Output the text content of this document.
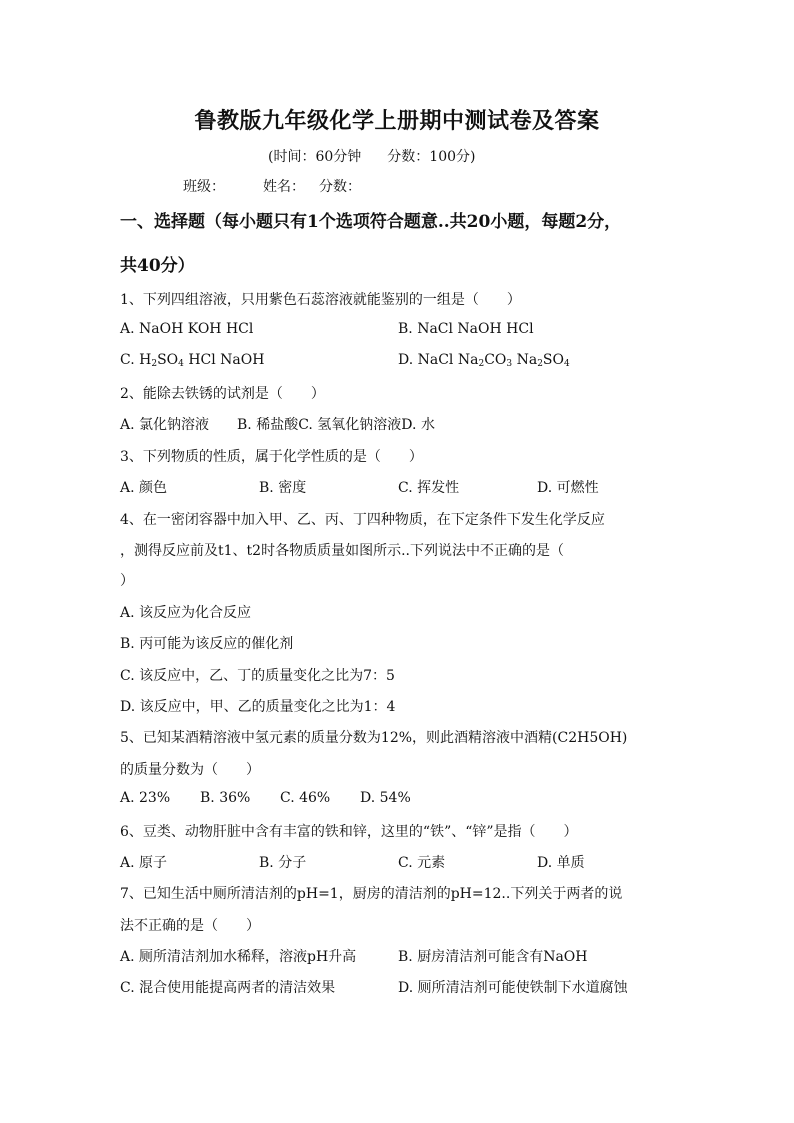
鲁教版九年级化学上册期中测试卷及答案
(时间：60分钟 分数：100分)
班级：	姓名： 分数：
一、选择题（每小题只有1个选项符合题意..共20小题，每题2分，
共40分）
1、下列四组溶液，只用紫色石蕊溶液就能鉴别的一组是（　　）
A. NaOH KOH HCl	B. NaCl NaOH HCl
C. $H_2SO_4$ HCl NaOH	D. NaCl $Na_2CO_3$ $Na_2SO_4$
2、能除去铁锈的试剂是（　　）
A. 氯化钠溶液　　B. 稀盐酸C. 氢氧化钠溶液D. 水
3、下列物质的性质，属于化学性质的是（　　）
A. 颜色	B. 密度	C. 挥发性	D. 可燃性
4、在一密闭容器中加入甲、乙、丙、丁四种物质，在下定条件下发生化学反应
，测得反应前及t1、t2时各物质质量如图所示..下列说法中不正确的是（
）
A. 该反应为化合反应
B. 丙可能为该反应的催化剂
C. 该反应中，乙、丁的质量变化之比为7：5
D. 该反应中，甲、乙的质量变化之比为1：4
5、已知某酒精溶液中氢元素的质量分数为12%，则此酒精溶液中酒精(C2H5OH)
的质量分数为（　　）
A. 23% B. 36% C. 46% D. 54%
6、豆类、动物肝脏中含有丰富的铁和锌，这里的“铁”、“锌”是指（　　）
A. 原子	B. 分子	C. 元素	D. 单质
7、已知生活中厕所清洁剂的pH=1，厨房的清洁剂的pH=12..下列关于两者的说
法不正确的是（　　）
A. 厕所清洁剂加水稀释，溶液pH升高	B. 厨房清洁剂可能含有NaOH
C. 混合使用能提高两者的清洁效果	D. 厕所清洁剂可能使铁制下水道腐蚀
